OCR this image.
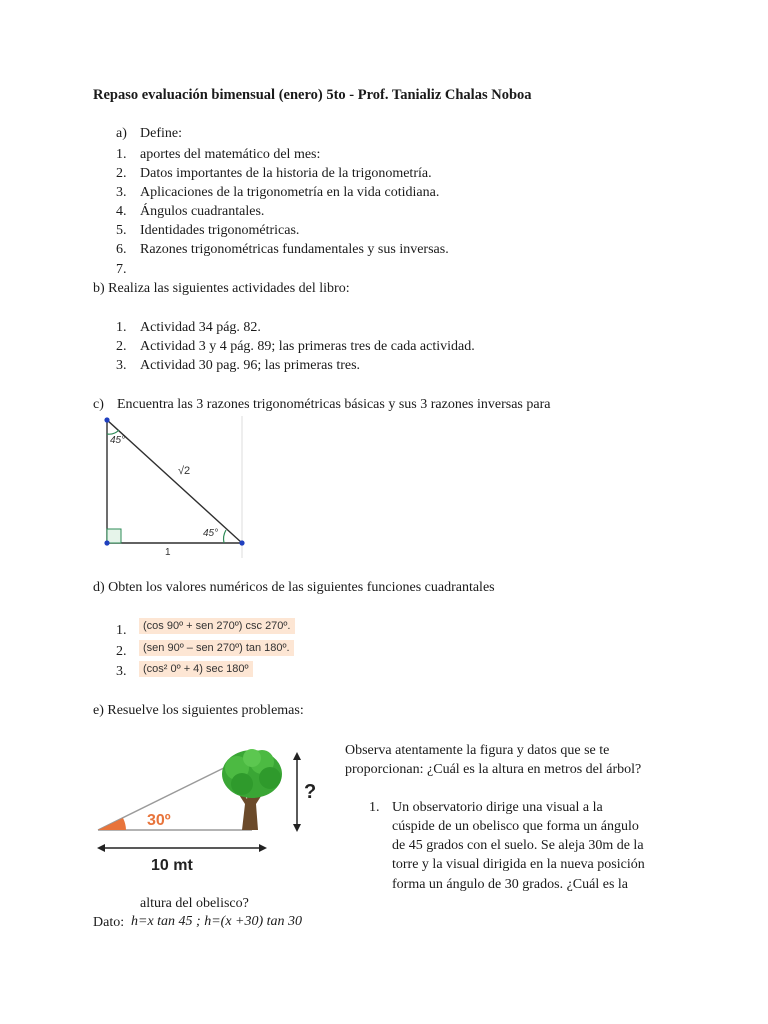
Repaso evaluación bimensual (enero) 5to - Prof. Tanializ Chalas Noboa
a) Define:
1. aportes del matemático del mes:
2. Datos importantes de la historia de la trigonometría.
3. Aplicaciones de la trigonometría en la vida cotidiana.
4. Ángulos cuadrantales.
5. Identidades trigonométricas.
6. Razones trigonométricas fundamentales y sus inversas.
7.
b) Realiza las siguientes actividades del libro:
1. Actividad 34 pág. 82.
2. Actividad 3 y 4 pág. 89; las primeras tres de cada actividad.
3. Actividad 30 pag. 96; las primeras tres.
c) Encuentra las 3 razones trigonométricas básicas y sus 3 razones inversas para
45°
45°
√2
1
d) Obten los valores numéricos de las siguientes funciones cuadrantales
1.	(cos 90º + sen 270º) csc 270º.
2.	(sen 90º – sen 270º) tan 180º.
3.	(cos² 0º + 4) sec 180º
e) Resuelve los siguientes problemas:
30º
?
10 mt
Observa atentamente la figura y datos que se te proporcionan: ¿Cuál es la altura en metros del árbol?
1. Un observatorio dirige una visual a la
cúspide de un obelisco que forma un ángulo
de 45 grados con el suelo. Se aleja 30m de la
torre y la visual dirigida en la nueva posición
forma un ángulo de 30 grados. ¿Cuál es la
altura del obelisco?
Dato: h=x tan 45 ; h=(x +30) tan 30
